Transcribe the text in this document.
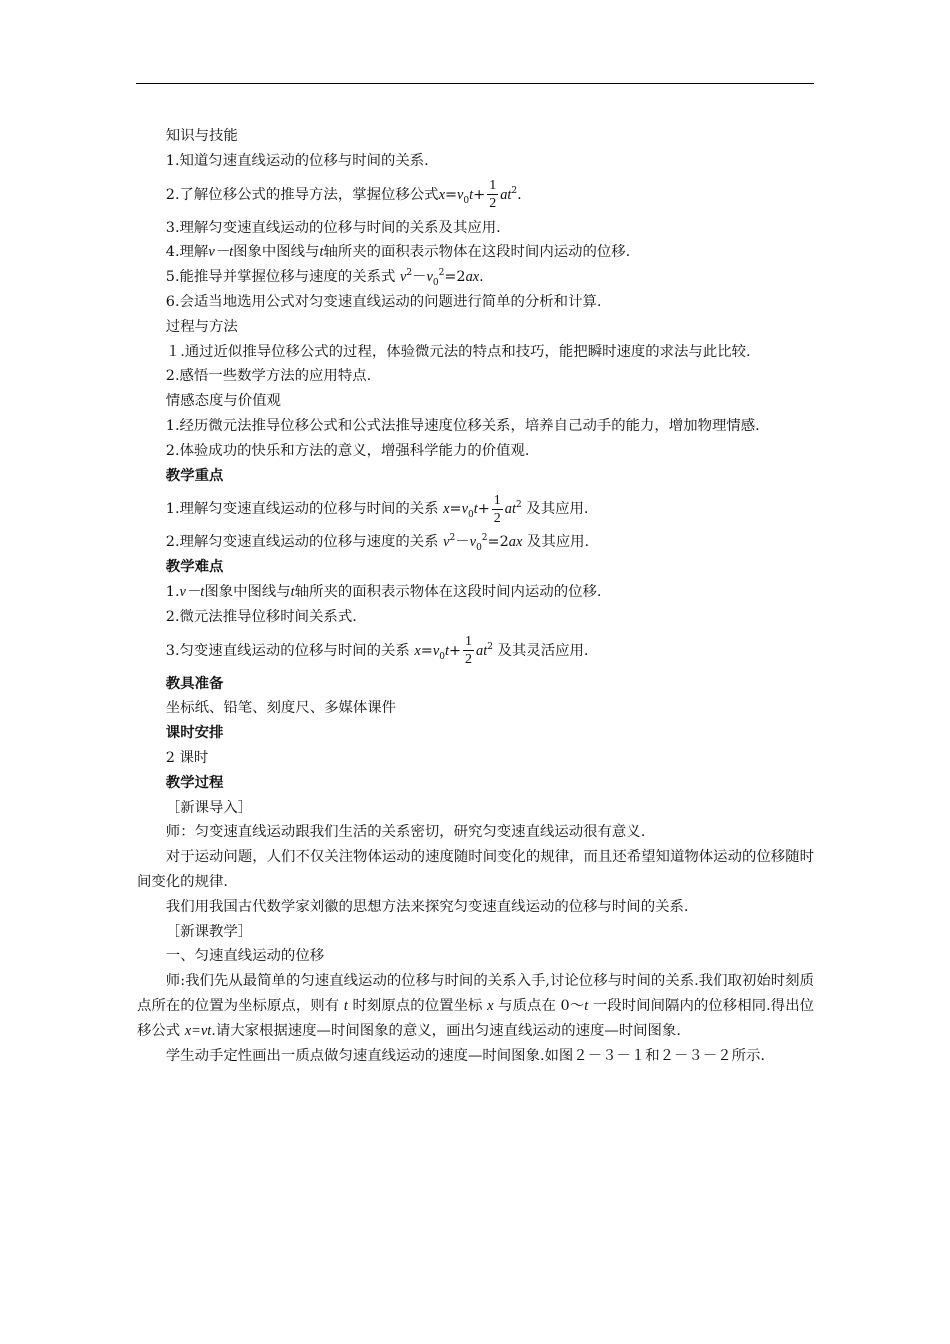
知识与技能

1.知道匀速直线运动的位移与时间的关系.

2.了解位移公式的推导方法，掌握位移公式$x=v_0t+ \frac{1}{2} at^2$.

3.理解匀变速直线运动的位移与时间的关系及其应用.

4.理解v－t图象中图线与t轴所夹的面积表示物体在这段时间内运动的位移.

5.能推导并掌握位移与速度的关系式 $v^2-v_0^2=2ax$.

6.会适当地选用公式对匀变速直线运动的问题进行简单的分析和计算.

过程与方法

１.通过近似推导位移公式的过程，体验微元法的特点和技巧，能把瞬时速度的求法与此比较.

2.感悟一些数学方法的应用特点.

情感态度与价值观

1.经历微元法推导位移公式和公式法推导速度位移关系，培养自己动手的能力，增加物理情感.

2.体验成功的快乐和方法的意义，增强科学能力的价值观.

教学重点

1.理解匀变速直线运动的位移与时间的关系 $x=v_0t+ \frac{1}{2} at^2$ 及其应用.

2.理解匀变速直线运动的位移与速度的关系 $v^2-v_0^2=2ax$ 及其应用.

教学难点

1.v－t图象中图线与t轴所夹的面积表示物体在这段时间内运动的位移.

2.微元法推导位移时间关系式.

3.匀变速直线运动的位移与时间的关系 $x=v_0t+ \frac{1}{2} at^2$ 及其灵活应用.

教具准备

坐标纸、铅笔、刻度尺、多媒体课件

课时安排

2 课时

教学过程

［新课导入］

师：匀变速直线运动跟我们生活的关系密切，研究匀变速直线运动很有意义.

对于运动问题，人们不仅关注物体运动的速度随时间变化的规律，而且还希望知道物体运动的位移随时间变化的规律.

我们用我国古代数学家刘徽的思想方法来探究匀变速直线运动的位移与时间的关系.

［新课教学］

一、匀速直线运动的位移

师:我们先从最简单的匀速直线运动的位移与时间的关系入手,讨论位移与时间的关系.我们取初始时刻质点所在的位置为坐标原点，则有 t 时刻原点的位置坐标 x 与质点在 0～t 一段时间间隔内的位移相同.得出位移公式 x=vt.请大家根据速度—时间图象的意义，画出匀速直线运动的速度—时间图象.

学生动手定性画出一质点做匀速直线运动的速度—时间图象.如图２－３－１和２－３－２所示.
